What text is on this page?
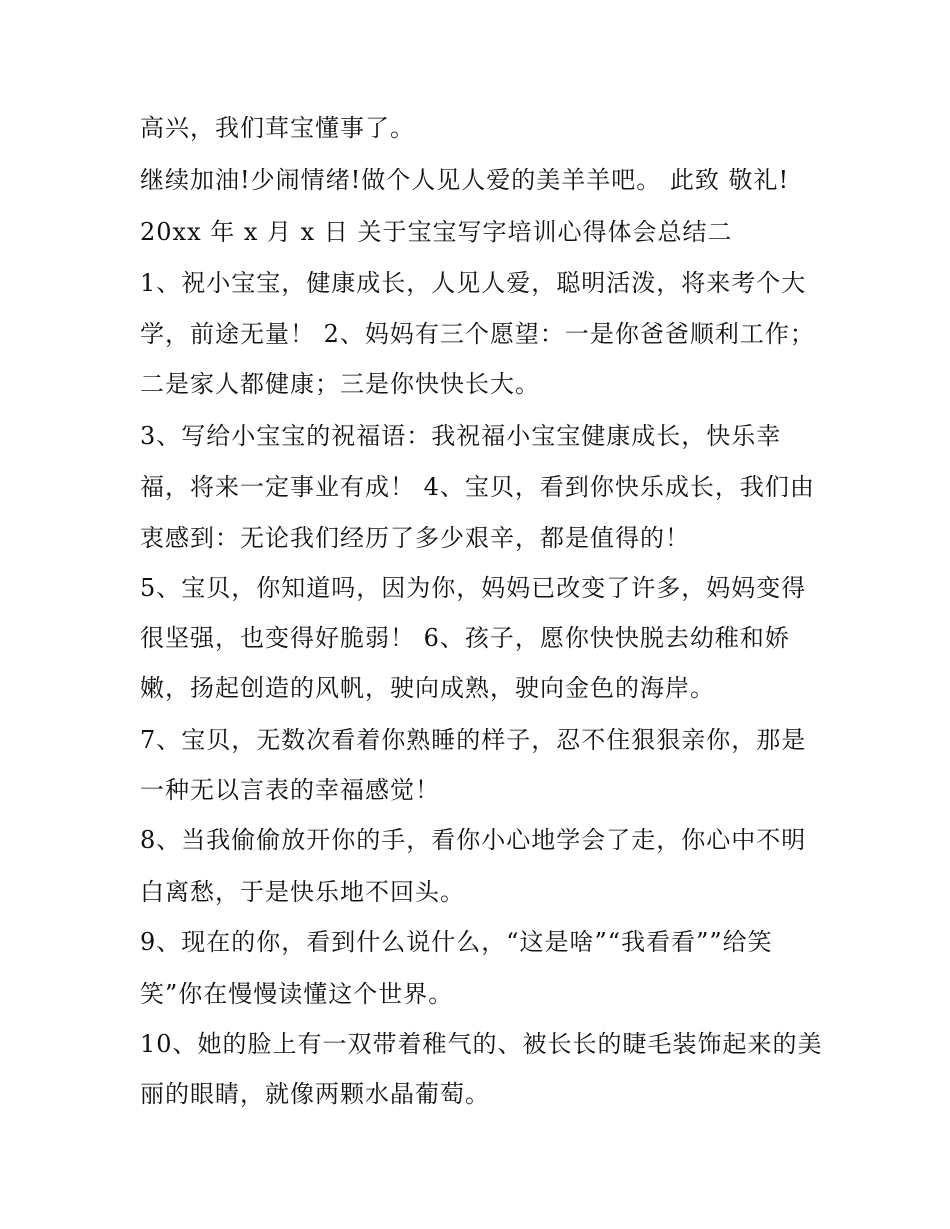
高兴，我们茸宝懂事了。
继续加油!少闹情绪!做个人见人爱的美羊羊吧。 此致 敬礼!
20xx 年 x 月 x 日 关于宝宝写字培训心得体会总结二
1、祝小宝宝，健康成长，人见人爱，聪明活泼，将来考个大
学，前途无量！ 2、妈妈有三个愿望：一是你爸爸顺利工作；
二是家人都健康；三是你快快长大。
3、写给小宝宝的祝福语：我祝福小宝宝健康成长，快乐幸
福，将来一定事业有成！ 4、宝贝，看到你快乐成长，我们由
衷感到：无论我们经历了多少艰辛，都是值得的！
5、宝贝，你知道吗，因为你，妈妈已改变了许多，妈妈变得
很坚强，也变得好脆弱！ 6、孩子，愿你快快脱去幼稚和娇
嫩，扬起创造的风帆，驶向成熟，驶向金色的海岸。
7、宝贝，无数次看着你熟睡的样子，忍不住狠狠亲你，那是
一种无以言表的幸福感觉！
8、当我偷偷放开你的手，看你小心地学会了走，你心中不明
白离愁，于是快乐地不回头。
9、现在的你，看到什么说什么，“这是啥”“我看看””给笑
笑”你在慢慢读懂这个世界。
10、她的脸上有一双带着稚气的、被长长的睫毛装饰起来的美
丽的眼睛，就像两颗水晶葡萄。
